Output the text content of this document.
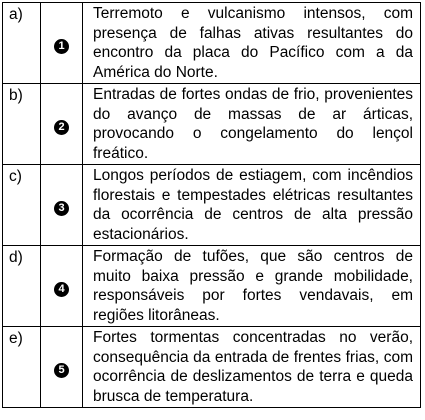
a)	1	Terremoto e vulcanismo intensos, com presença de falhas ativas resultantes do encontro da placa do Pacífico com a da América do Norte.
b)	2	Entradas de fortes ondas de frio, provenientes do avanço de massas de ar árticas, provocando o congelamento do lençol freático.
c)	3	Longos períodos de estiagem, com incêndios florestais e tempestades elétricas resultantes da ocorrência de centros de alta pressão estacionários.
d)	4	Formação de tufões, que são centros de muito baixa pressão e grande mobilidade, responsáveis por fortes vendavais, em regiões litorâneas.
e)	5	Fortes tormentas concentradas no verão, consequência da entrada de frentes frias, com ocorrência de deslizamentos de terra e queda brusca de temperatura.
